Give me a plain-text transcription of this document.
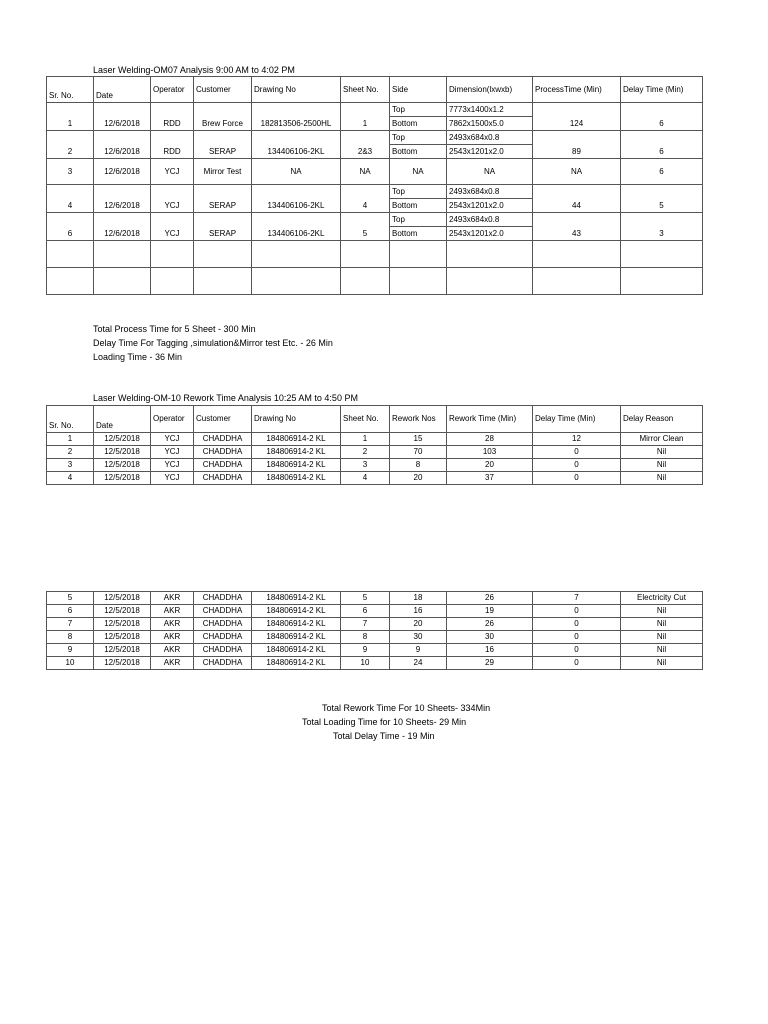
Laser Welding-OM07 Analysis 9:00 AM to 4:02 PM
Sr. No.	Date	Operator	Customer	Drawing No	Sheet No.	Side	Dimension(lxwxb)	ProcessTime (Min)	Delay Time (Min)
1	12/6/2018	RDD	Brew Force	182813506-2500HL	1	Top	7773x1400x1.2	124	6
						Bottom	7862x1500x5.0		
2	12/6/2018	RDD	SERAP	134406106-2KL	2&3	Top	2493x684x0.8	89	6
						Bottom	2543x1201x2.0		
3	12/6/2018	YCJ	Mirror Test	NA	NA	NA	NA	NA	6
4	12/6/2018	YCJ	SERAP	134406106-2KL	4	Top	2493x684x0.8	44	5
						Bottom	2543x1201x2.0		
6	12/6/2018	YCJ	SERAP	134406106-2KL	5	Top	2493x684x0.8	43	3
						Bottom	2543x1201x2.0		

Total Process Time for 5 Sheet - 300 Min
Delay Time For Tagging ,simulation&Mirror test Etc. - 26 Min
Loading Time - 36 Min
Laser Welding-OM-10 Rework Time Analysis 10:25 AM to 4:50 PM
Sr. No.	Date	Operator	Customer	Drawing No	Sheet No.	Rework Nos	Rework Time (Min)	Delay Time (Min)	Delay Reason
1	12/5/2018	YCJ	CHADDHA	184806914-2 KL	1	15	28	12	Mirror Clean
2	12/5/2018	YCJ	CHADDHA	184806914-2 KL	2	70	103	0	Nil
3	12/5/2018	YCJ	CHADDHA	184806914-2 KL	3	8	20	0	Nil
4	12/5/2018	YCJ	CHADDHA	184806914-2 KL	4	20	37	0	Nil
5	12/5/2018	AKR	CHADDHA	184806914-2 KL	5	18	26	7	Electricity Cut
6	12/5/2018	AKR	CHADDHA	184806914-2 KL	6	16	19	0	Nil
7	12/5/2018	AKR	CHADDHA	184806914-2 KL	7	20	26	0	Nil
8	12/5/2018	AKR	CHADDHA	184806914-2 KL	8	30	30	0	Nil
9	12/5/2018	AKR	CHADDHA	184806914-2 KL	9	9	16	0	Nil
10	12/5/2018	AKR	CHADDHA	184806914-2 KL	10	24	29	0	Nil
Total Rework Time For 10 Sheets- 334Min
Total Loading Time for 10 Sheets- 29 Min
Total Delay Time - 19 Min
